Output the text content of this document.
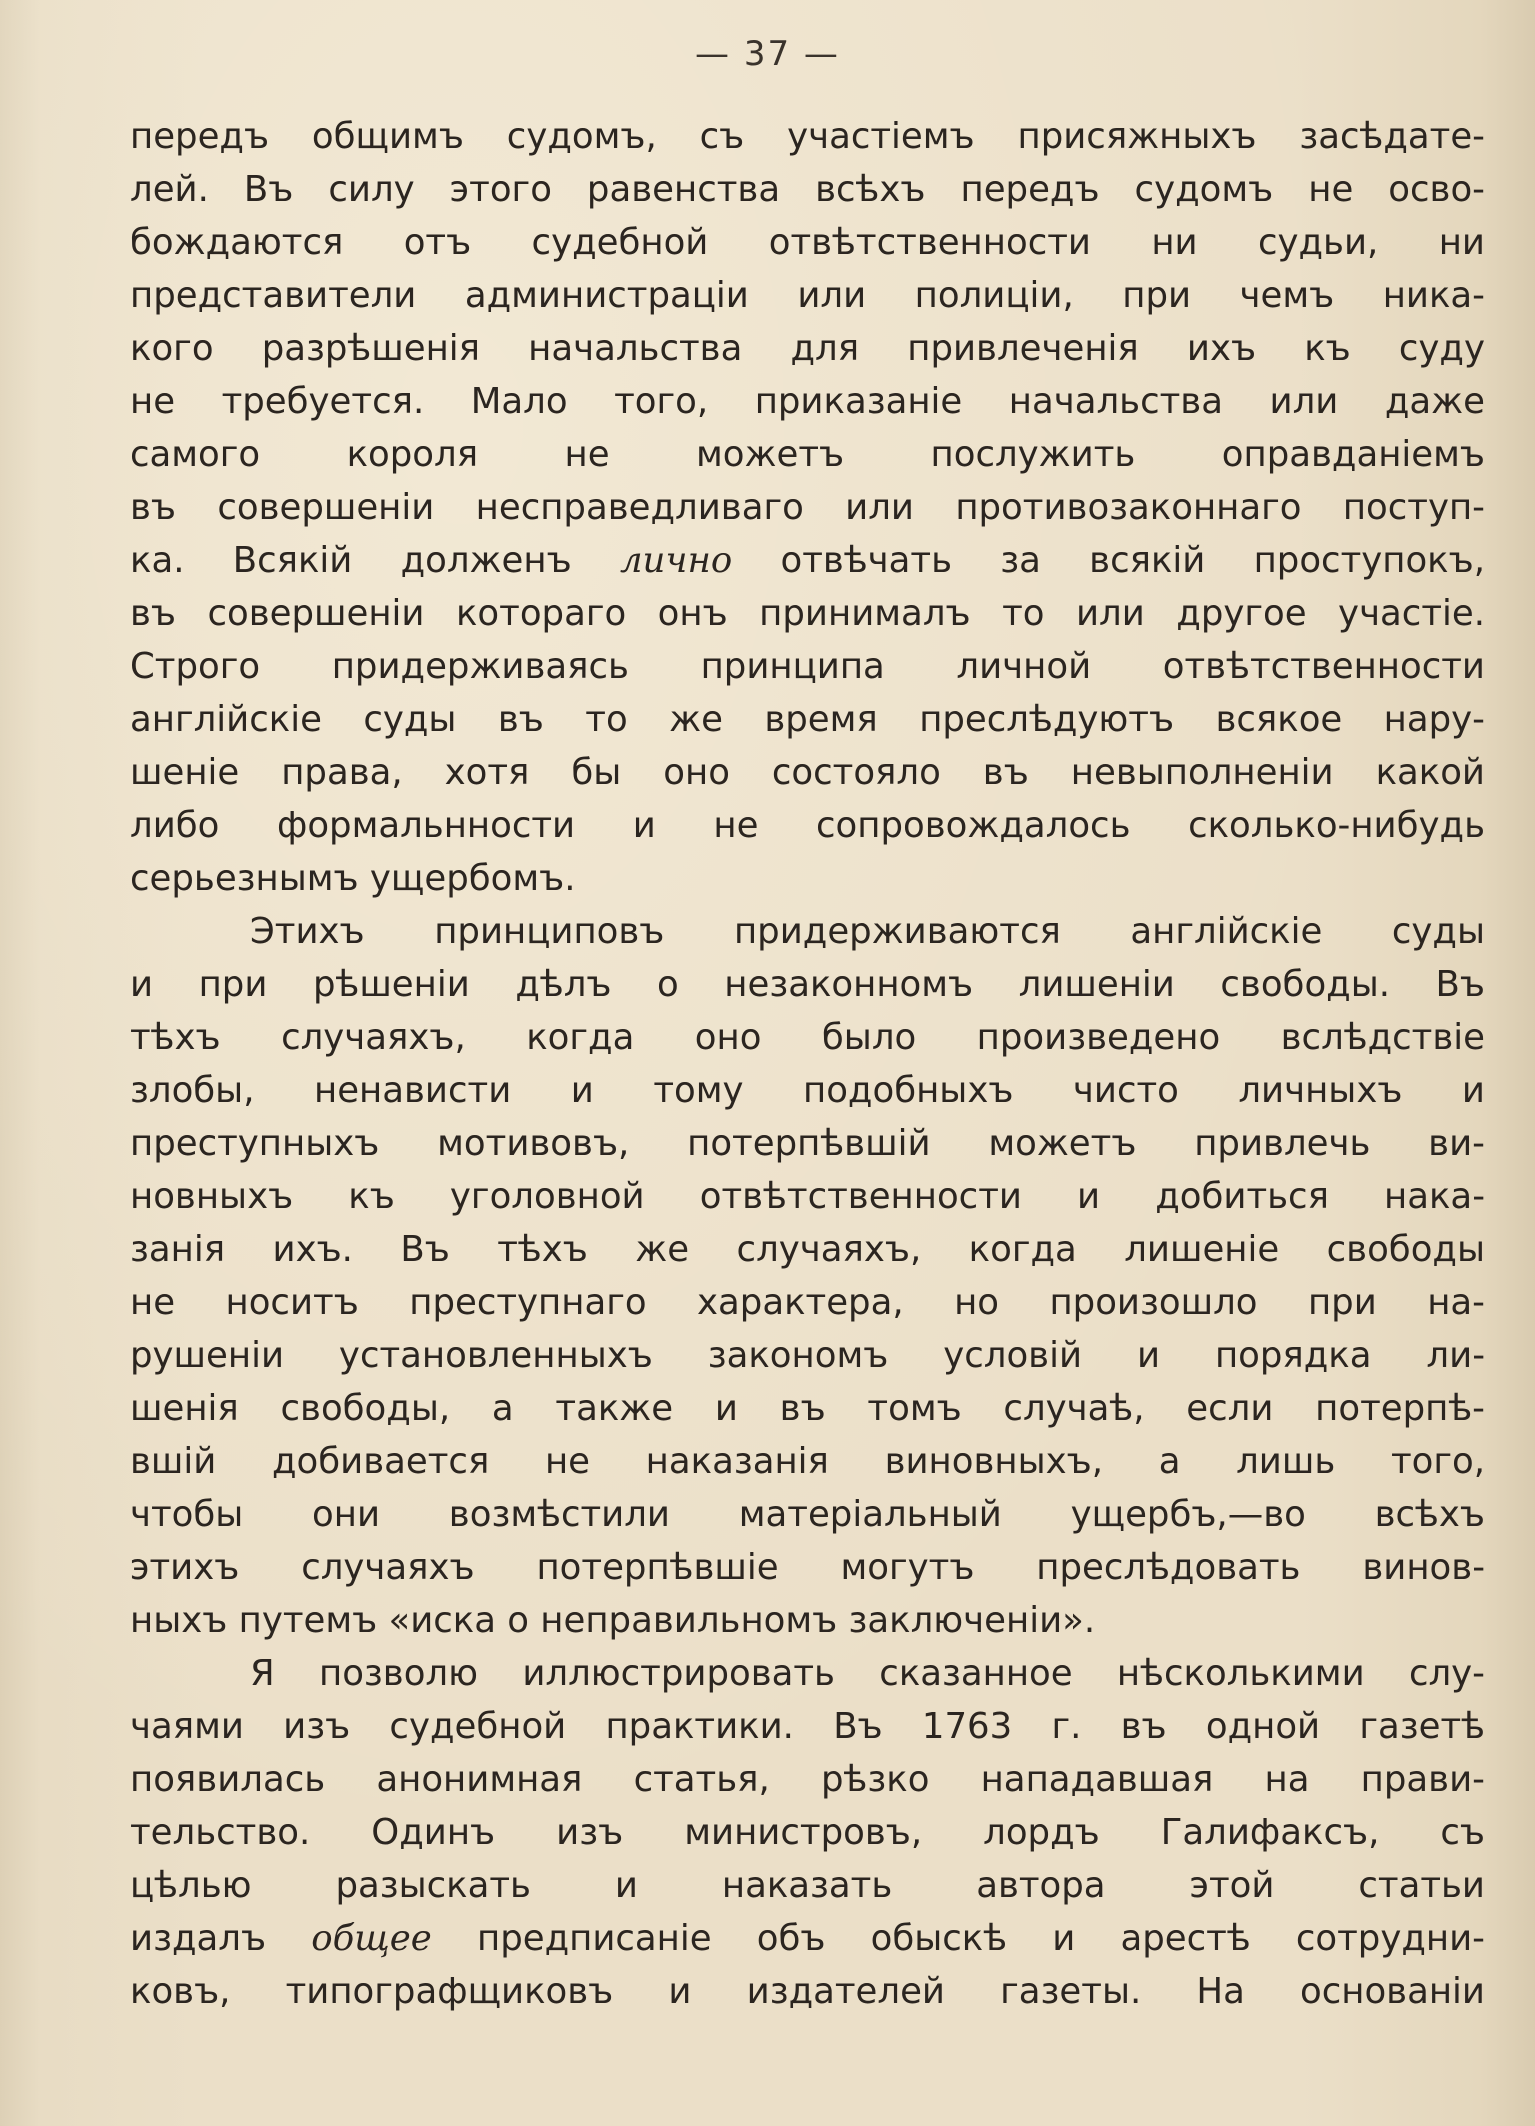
— 37 —
передъ общимъ судомъ, съ участіемъ присяжныхъ засѣдате-
лей. Въ силу этого равенства всѣхъ передъ судомъ не осво-
бождаются отъ судебной отвѣтственности ни судьи, ни
представители администраціи или полиціи, при чемъ ника-
кого разрѣшенія начальства для привлеченія ихъ къ суду
не требуется. Мало того, приказаніе начальства или даже
самого короля не можетъ послужить оправданіемъ
въ совершеніи несправедливаго или противозаконнаго поступ-
ка. Всякій долженъ лично отвѣчать за всякій проступокъ,
въ совершеніи котораго онъ принималъ то или другое участіе.
Строго придерживаясь принципа личной отвѣтственности
англійскіе суды въ то же время преслѣдуютъ всякое нару-
шеніе права, хотя бы оно состояло въ невыполненіи какой
либо формальнности и не сопровождалось сколько-нибудь
серьезнымъ ущербомъ.
Этихъ принциповъ придерживаются англійскіе суды
и при рѣшеніи дѣлъ о незаконномъ лишеніи свободы. Въ
тѣхъ случаяхъ, когда оно было произведено вслѣдствіе
злобы, ненависти и тому подобныхъ чисто личныхъ и
преступныхъ мотивовъ, потерпѣвшій можетъ привлечь ви-
новныхъ къ уголовной отвѣтственности и добиться нака-
занія ихъ. Въ тѣхъ же случаяхъ, когда лишеніе свободы
не носитъ преступнаго характера, но произошло при на-
рушеніи установленныхъ закономъ условій и порядка ли-
шенія свободы, а также и въ томъ случаѣ, если потерпѣ-
вшій добивается не наказанія виновныхъ, а лишь того,
чтобы они возмѣстили матеріальный ущербъ,—во всѣхъ
этихъ случаяхъ потерпѣвшіе могутъ преслѣдовать винов-
ныхъ путемъ «иска о неправильномъ заключеніи».
Я позволю иллюстрировать сказанное нѣсколькими слу-
чаями изъ судебной практики. Въ 1763 г. въ одной газетѣ
появилась анонимная статья, рѣзко нападавшая на прави-
тельство. Одинъ изъ министровъ, лордъ Галифаксъ, съ
цѣлью разыскать и наказать автора этой статьи
издалъ общее предписаніе объ обыскѣ и арестѣ сотрудни-
ковъ, типографщиковъ и издателей газеты. На основаніи
